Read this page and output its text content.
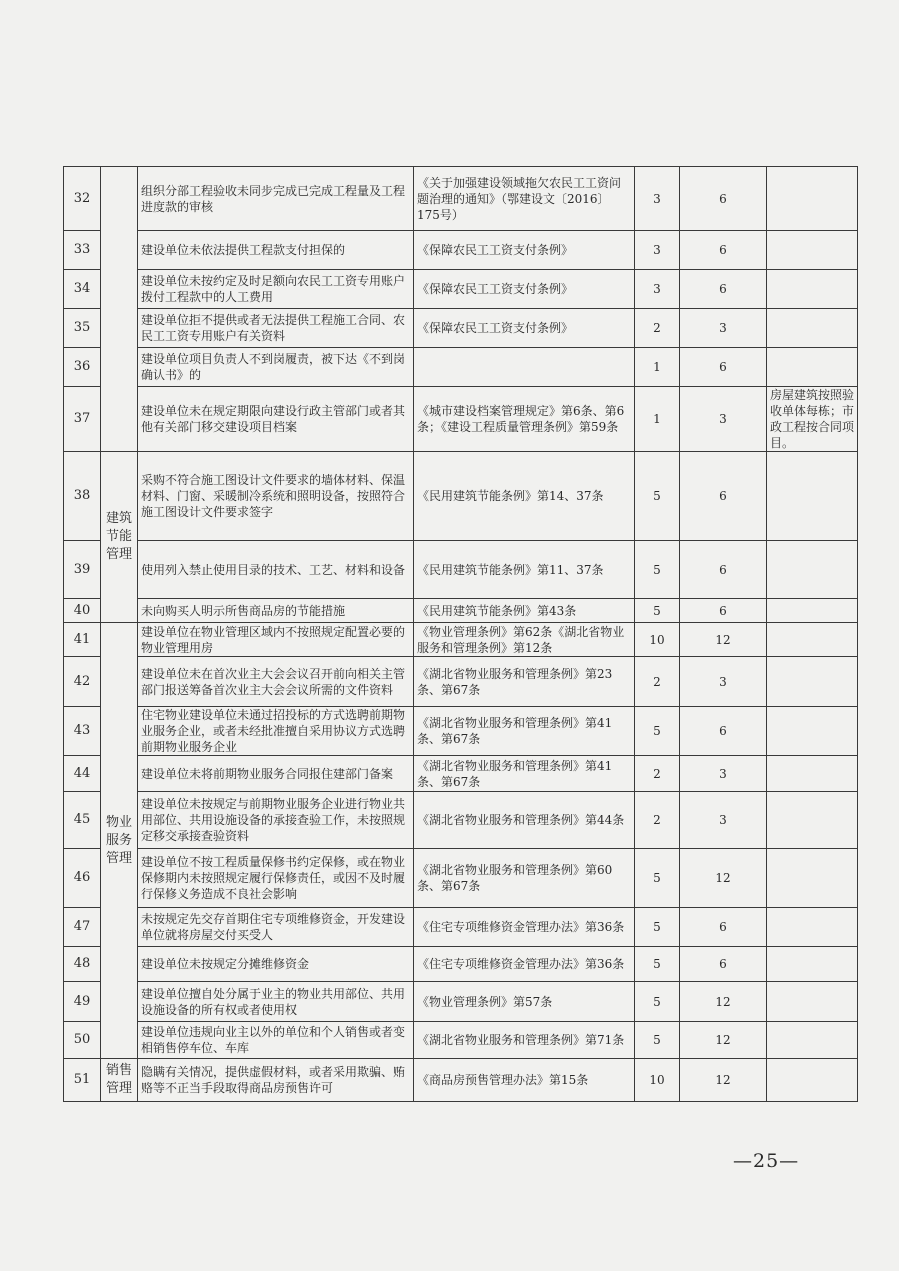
32		组织分部工程验收未同步完成已完成工程量及工程进度款的审核	《关于加强建设领域拖欠农民工工资问题治理的通知》（鄂建设文〔2016〕175号）	3	6	
33		建设单位未依法提供工程款支付担保的	《保障农民工工资支付条例》	3	6	
34		建设单位未按约定及时足额向农民工工资专用账户拨付工程款中的人工费用	《保障农民工工资支付条例》	3	6	
35		建设单位拒不提供或者无法提供工程施工合同、农民工工资专用账户有关资料	《保障农民工工资支付条例》	2	3	
36		建设单位项目负责人不到岗履责，被下达《不到岗确认书》的		1	6	
37		建设单位未在规定期限向建设行政主管部门或者其他有关部门移交建设项目档案	《城市建设档案管理规定》第6条、第6条；《建设工程质量管理条例》第59条	1	3	房屋建筑按照验收单体每栋；市政工程按合同项目。
38	建筑节能管理	采购不符合施工图设计文件要求的墙体材料、保温材料、门窗、采暖制冷系统和照明设备，按照符合施工图设计文件要求签字	《民用建筑节能条例》第14、37条	5	6	
39		使用列入禁止使用目录的技术、工艺、材料和设备	《民用建筑节能条例》第11、37条	5	6	
40		未向购买人明示所售商品房的节能措施	《民用建筑节能条例》第43条	5	6	
41	物业服务管理	建设单位在物业管理区域内不按照规定配置必要的物业管理用房	《物业管理条例》第62条《湖北省物业服务和管理条例》第12条	10	12	
42		建设单位未在首次业主大会会议召开前向相关主管部门报送筹备首次业主大会会议所需的文件资料	《湖北省物业服务和管理条例》第23条、第67条	2	3	
43		住宅物业建设单位未通过招投标的方式选聘前期物业服务企业，或者未经批准擅自采用协议方式选聘前期物业服务企业	《湖北省物业服务和管理条例》第41条、第67条	5	6	
44		建设单位未将前期物业服务合同报住建部门备案	《湖北省物业服务和管理条例》第41条、第67条	2	3	
45		建设单位未按规定与前期物业服务企业进行物业共用部位、共用设施设备的承接查验工作，未按照规定移交承接查验资料	《湖北省物业服务和管理条例》第44条	2	3	
46		建设单位不按工程质量保修书约定保修，或在物业保修期内未按照规定履行保修责任，或因不及时履行保修义务造成不良社会影响	《湖北省物业服务和管理条例》第60条、第67条	5	12	
47		未按规定先交存首期住宅专项维修资金，开发建设单位就将房屋交付买受人	《住宅专项维修资金管理办法》第36条	5	6	
48		建设单位未按规定分摊维修资金	《住宅专项维修资金管理办法》第36条	5	6	
49		建设单位擅自处分属于业主的物业共用部位、共用设施设备的所有权或者使用权	《物业管理条例》第57条	5	12	
50		建设单位违规向业主以外的单位和个人销售或者变相销售停车位、车库	《湖北省物业服务和管理条例》第71条	5	12	
51	销售管理	隐瞒有关情况，提供虚假材料，或者采用欺骗、贿赂等不正当手段取得商品房预售许可	《商品房预售管理办法》第15条	10	12	
—25—
